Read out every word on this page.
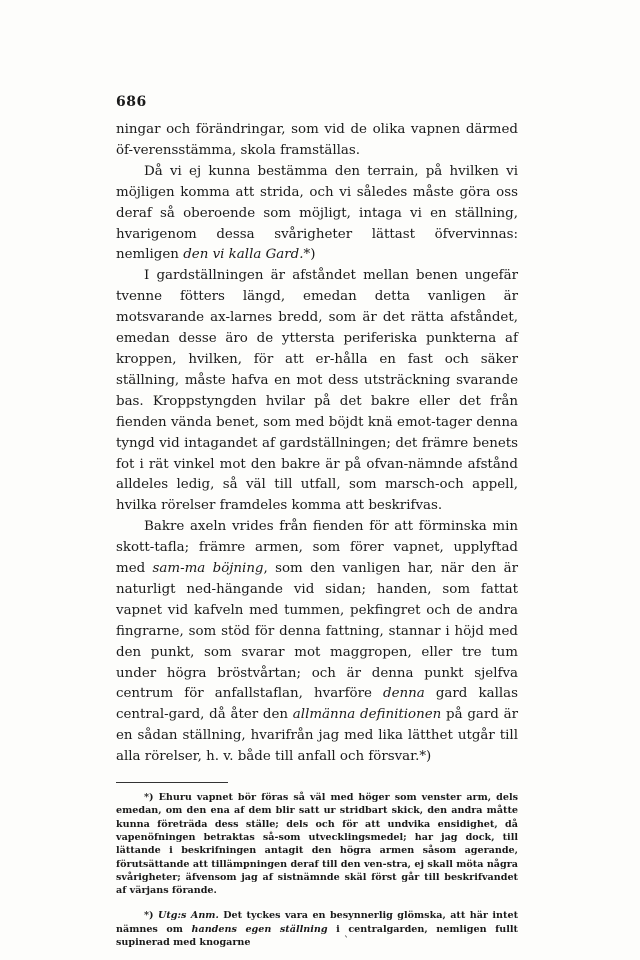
686

ningar och förändringar, som vid de olika vapnen därmed öf-verensstämma, skola framställas.

Då vi ej kunna bestämma den terrain, på hvilken vi möjligen komma att strida, och vi således måste göra oss deraf så oberoende som möjligt, intaga vi en ställning, hvarigenom dessa svårigheter lättast öfvervinnas: nemligen den vi kalla Gard.*)

I gardställningen är afståndet mellan benen ungefär tvenne fötters längd, emedan detta vanligen är motsvarande ax-larnes bredd, som är det rätta afståndet, emedan desse äro de yttersta periferiska punkterna af kroppen, hvilken, för att er-hålla en fast och säker ställning, måste hafva en mot dess utsträckning svarande bas. Kroppstyngden hvilar på det bakre eller det från fienden vända benet, som med böjdt knä emot-tager denna tyngd vid intagandet af gardställningen; det främre benets fot i rät vinkel mot den bakre är på ofvan-nämnde afstånd alldeles ledig, så väl till utfall, som marsch-och appell, hvilka rörelser framdeles komma att beskrifvas.

Bakre axeln vrides från fienden för att förminska min skott-tafla; främre armen, som förer vapnet, upplyftad med sam-ma böjning, som den vanligen har, när den är naturligt ned-hängande vid sidan; handen, som fattat vapnet vid kafveln med tummen, pekfingret och de andra fingrarne, som stöd för denna fattning, stannar i höjd med den punkt, som svarar mot maggropen, eller tre tum under högra bröstvårtan; och är denna punkt sjelfva centrum för anfallstaflan, hvarföre denna gard kallas central-gard, då åter den allmänna definitionen på gard är en sådan ställning, hvarifrån jag med lika lätthet utgår till alla rörelser, h. v. både till anfall och försvar.*)

*) Ehuru vapnet bör föras så väl med höger som venster arm, dels emedan, om den ena af dem blir satt ur stridbart skick, den andra måtte kunna företräda dess ställe; dels och för att undvika ensidighet, då vapenöfningen betraktas så-som utvecklingsmedel; har jag dock, till lättande i beskrifningen antagit den högra armen såsom agerande, förutsättande att tillämpningen deraf till den ven-stra, ej skall möta några svårigheter; äfvensom jag af sistnämnde skäl först går till beskrifvandet af värjans förande.

*) Utg:s Anm. Det tyckes vara en besynnerlig glömska, att här intet nämnes om handens egen ställning i centralgarden, nemligen fullt supinerad med knogarne	`
